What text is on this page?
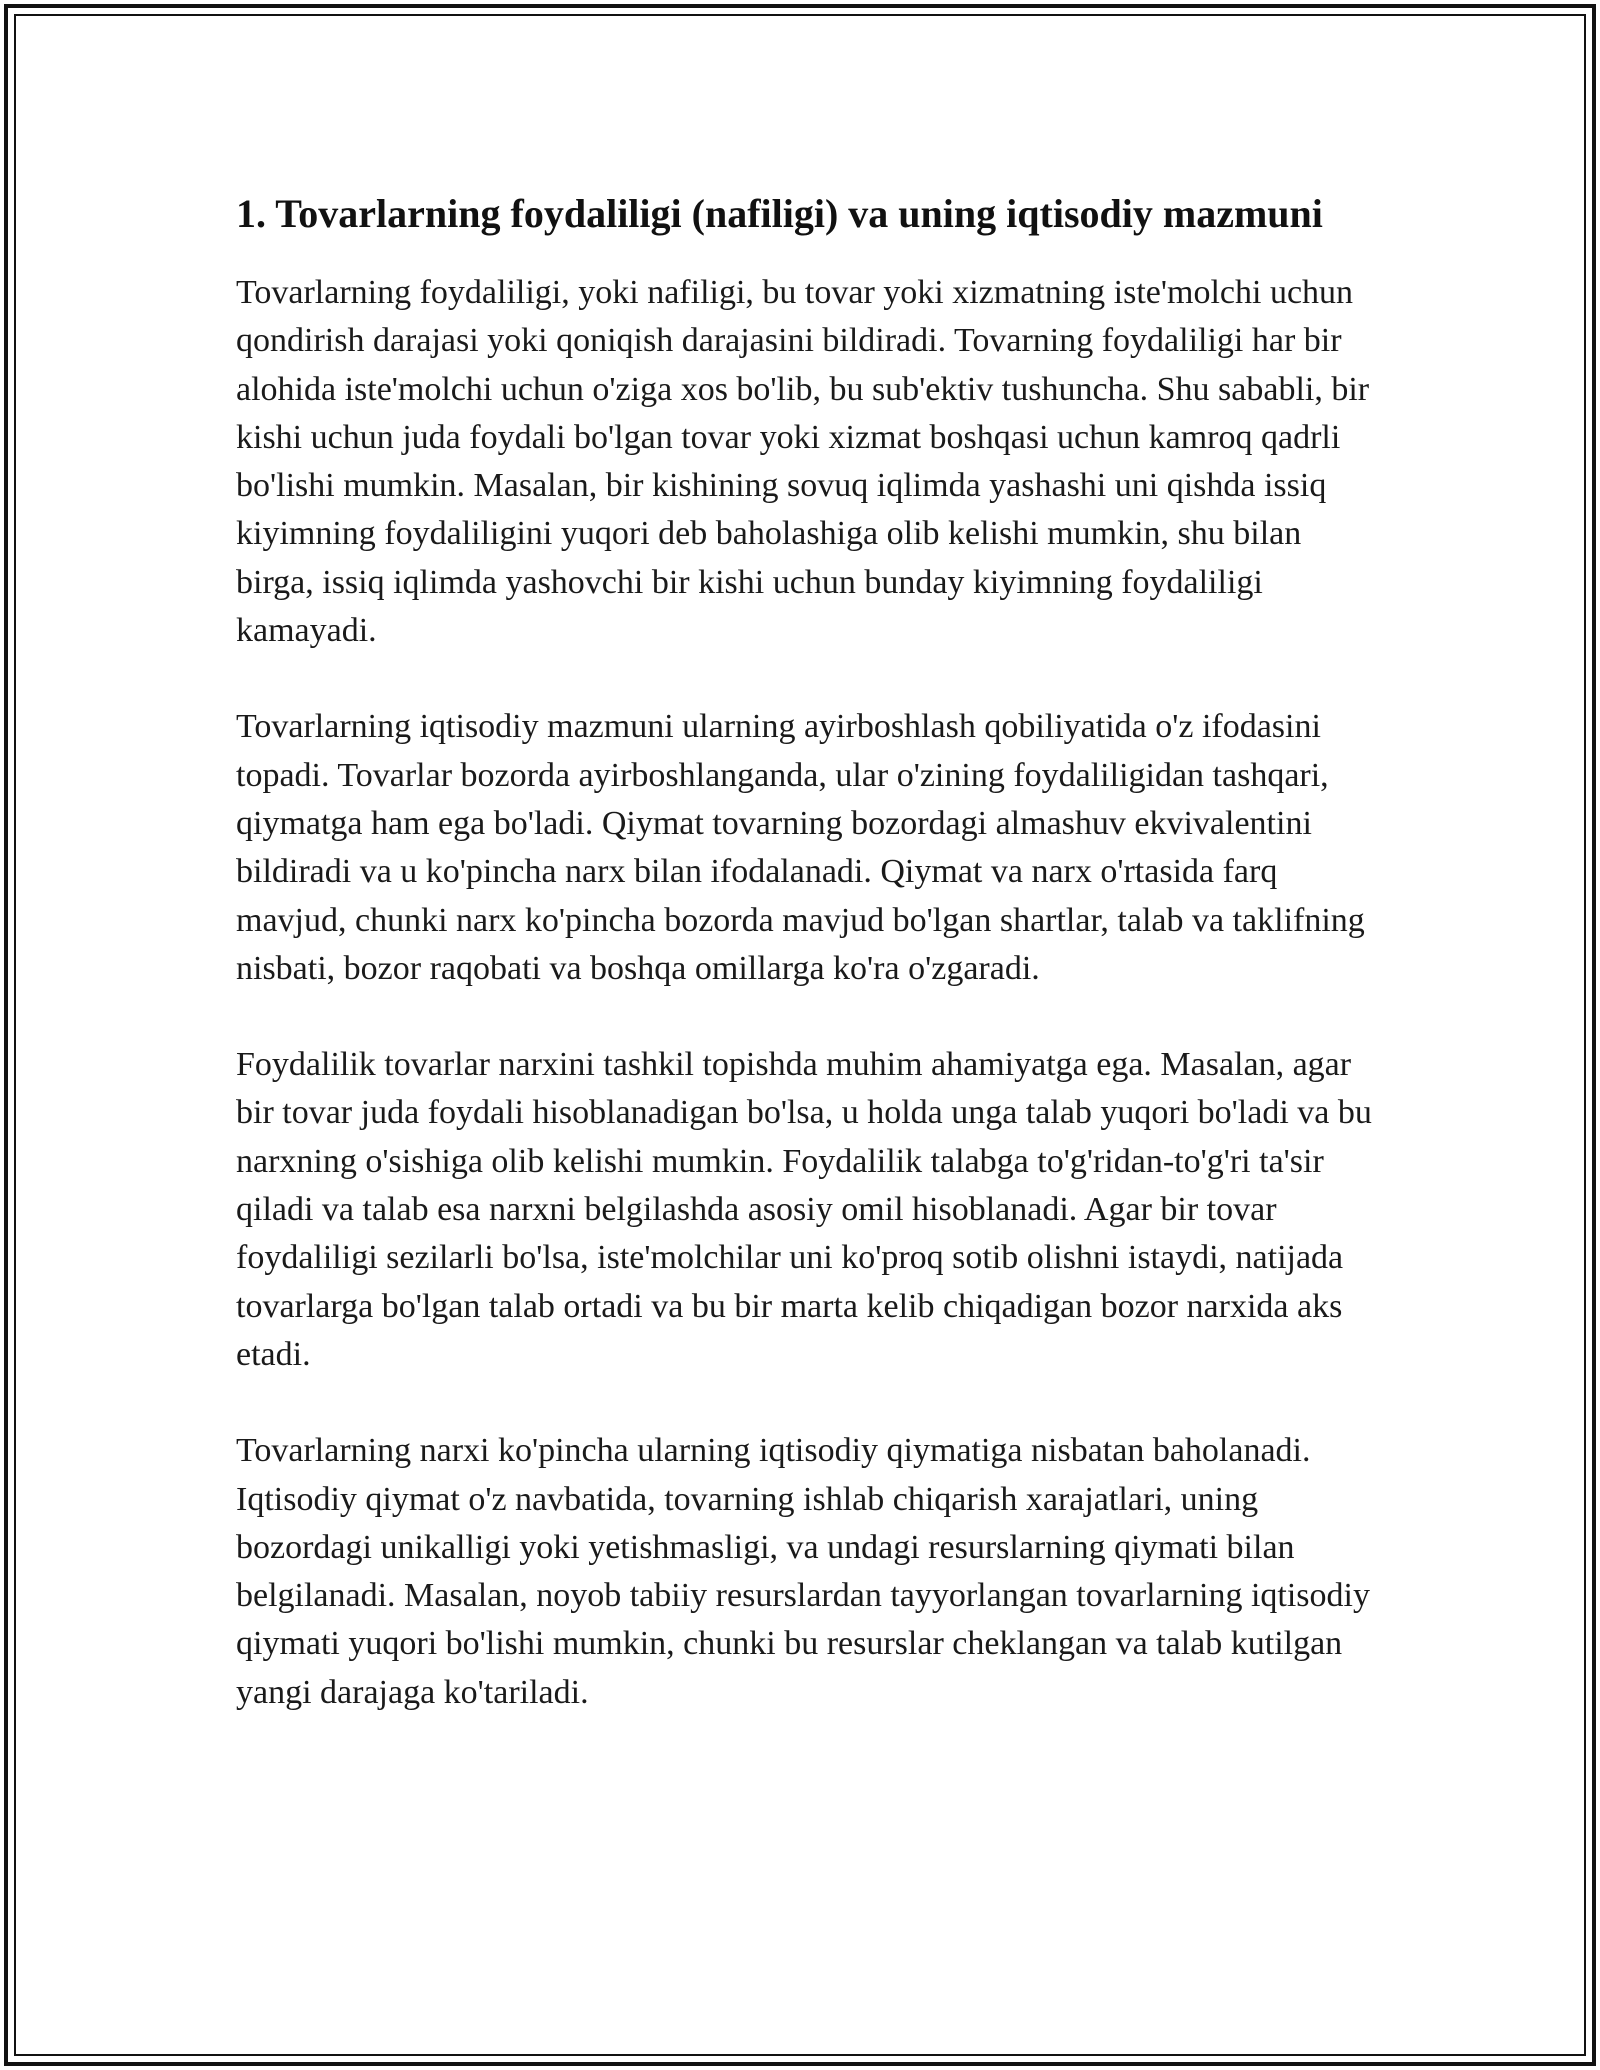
1. Tovarlarning foydaliligi (nafiligi) va uning iqtisodiy mazmuni

Tovarlarning foydaliligi, yoki nafiligi, bu tovar yoki xizmatning iste'molchi uchun qondirish darajasi yoki qoniqish darajasini bildiradi. Tovarning foydaliligi har bir alohida iste'molchi uchun o'ziga xos bo'lib, bu sub'ektiv tushuncha. Shu sababli, bir kishi uchun juda foydali bo'lgan tovar yoki xizmat boshqasi uchun kamroq qadrli bo'lishi mumkin. Masalan, bir kishining sovuq iqlimda yashashi uni qishda issiq kiyimning foydaliligini yuqori deb baholashiga olib kelishi mumkin, shu bilan birga, issiq iqlimda yashovchi bir kishi uchun bunday kiyimning foydaliligi kamayadi.

Tovarlarning iqtisodiy mazmuni ularning ayirboshlash qobiliyatida o'z ifodasini topadi. Tovarlar bozorda ayirboshlanganda, ular o'zining foydaliligidan tashqari, qiymatga ham ega bo'ladi. Qiymat tovarning bozordagi almashuv ekvivalentini bildiradi va u ko'pincha narx bilan ifodalanadi. Qiymat va narx o'rtasida farq mavjud, chunki narx ko'pincha bozorda mavjud bo'lgan shartlar, talab va taklifning nisbati, bozor raqobati va boshqa omillarga ko'ra o'zgaradi.

Foydalilik tovarlar narxini tashkil topishda muhim ahamiyatga ega. Masalan, agar bir tovar juda foydali hisoblanadigan bo'lsa, u holda unga talab yuqori bo'ladi va bu narxning o'sishiga olib kelishi mumkin. Foydalilik talabga to'g'ridan-to'g'ri ta'sir qiladi va talab esa narxni belgilashda asosiy omil hisoblanadi. Agar bir tovar foydaliligi sezilarli bo'lsa, iste'molchilar uni ko'proq sotib olishni istaydi, natijada tovarlarga bo'lgan talab ortadi va bu bir marta kelib chiqadigan bozor narxida aks etadi.

Tovarlarning narxi ko'pincha ularning iqtisodiy qiymatiga nisbatan baholanadi. Iqtisodiy qiymat o'z navbatida, tovarning ishlab chiqarish xarajatlari, uning bozordagi unikalligi yoki yetishmasligi, va undagi resurslarning qiymati bilan belgilanadi. Masalan, noyob tabiiy resurslardan tayyorlangan tovarlarning iqtisodiy qiymati yuqori bo'lishi mumkin, chunki bu resurslar cheklangan va talab kutilgan yangi darajaga ko'tariladi.
